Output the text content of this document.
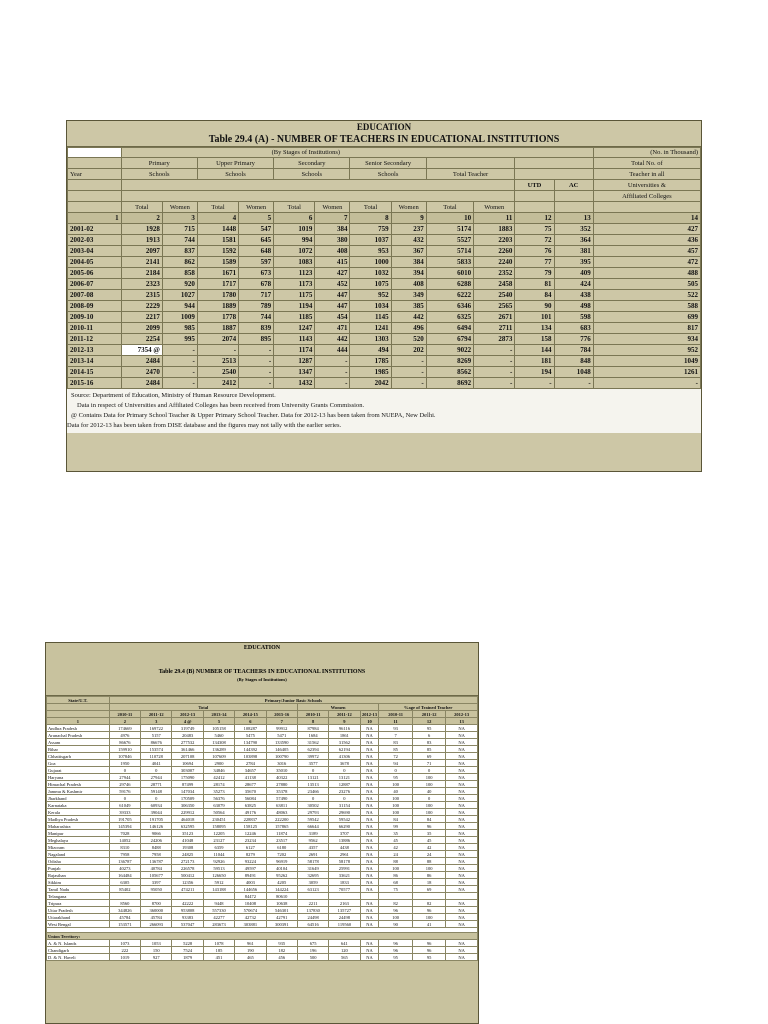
EDUCATION
Table 29.4 (A) - NUMBER OF TEACHERS IN EDUCATIONAL INSTITUTIONS
	(By Stages of Institutions)												(No. in Thousand)
	Primary		Upper Primary		Secondary		Senior Secondary						Total No. of
Year	Schools		Schools		Schools		Schools		Total Teacher				Teacher in all
											UTD	AC	Universities &
													Affiliated Colleges
	Total	Women	Total	Women	Total	Women	Total	Women	Total	Women			
1	2	3	4	5	6	7	8	9	10	11	12	13	14
2001-02	1928	715	1448	547	1019	384	759	237	5174	1883	75	352	427
2002-03	1913	744	1581	645	994	380	1037	432	5527	2203	72	364	436
2003-04	2097	837	1592	648	1072	408	953	367	5714	2260	76	381	457
2004-05	2141	862	1589	597	1083	415	1000	384	5833	2240	77	395	472
2005-06	2184	858	1671	673	1123	427	1032	394	6010	2352	79	409	488
2006-07	2323	920	1717	678	1173	452	1075	408	6288	2458	81	424	505
2007-08	2315	1027	1780	717	1175	447	952	349	6222	2540	84	438	522
2008-09	2229	944	1889	789	1194	447	1034	385	6346	2565	90	498	588
2009-10	2217	1009	1778	744	1185	454	1145	442	6325	2671	101	598	699
2010-11	2099	985	1887	839	1247	471	1241	496	6494	2711	134	683	817
2011-12	2254	995	2074	895	1143	442	1303	520	6794	2873	158	776	934
2012-13	7354 @	-	-	-	1174	444	494	202	9022	-	144	784	952
2013-14	2484	-	2513	-	1287	-	1785	-	8269	-	181	848	1049
2014-15	2470	-	2540	-	1347	-	1985	-	8562	-	194	1048	1261
2015-16	2484	-	2412	-	1432	-	2042	-	8692	-	-	-	-
Source: Department of Education, Ministry of Human Resource Development.
Data in respect of Universities and Affiliated Colleges has been received from University Grants Commission.
@ Contains Data for Primary School Teacher & Upper Primary School Teacher. Data for 2012-13 has been taken from NUEPA, New Delhi.
Data for 2012-13 has been taken from DISE database and the figures may not tally with the earlier series.
EDUCATION
Table 29.4 (B) NUMBER OF TEACHERS IN EDUCATIONAL INSTITUTIONS
(By Stages of Institutions)
State/U.T.	Primary/Junior Basic Schools											
	Total						Women			%age of Trained Teacher		
	2010-11	2011-12	2012-13	2013-14	2014-15	2015-16	2010-11	2011-12	2012-13	2010-11	2011-12	2012-13
1	2	3	4 @	5	6	7	8	9	10	11	12	13
Andhra Pradesh	174669	169722	319749	105158	108287	99912	87984	96116	NA	93	95	NA
Arunachal Pradesh	4976	5157	20483	5460	5475	5471	1684	1861	NA	7	6	NA
Assam	86676	86676	277532	134308	134790	133590	31562	31562	NA	83	83	NA
Bihar	159910	153574	361466	136289	144392	146405	62394	62194	NA	85	85	NA
Chhattisgarh	107846	110728	207108	107609	103898	100790	39972	41306	NA	72	69	NA
Goa	1950	4041	10694	2900	2784	3016	3577	3678	NA	94	71	NA
Gujarat	0	0	303007	34846	34657	35010	0	0	NA	0	0	NA
Haryana	27944	27944	175090	42412	41138	40322	13121	13121	NA	95	100	NA
Himachal Pradesh	29746	28771	87499	28174	28677	27880	13513	12887	NA	100	100	NA
Jammu & Kashmir	59176	59148	147034	35273	35670	35378	23466	23276	NA	40	40	NA
Jharkhand	0	0	170509	56376	56084	57490	0	0	NA	100	0	NA
Karnataka	61049	60934	306350	63079	63825	63811	30502	31154	NA	100	100	NA
Kerala	39333	39044	229912	50564	49176	48063	29793	29690	NA	100	100	NA
Madhya Pradesh	191705	191705	464018	230451	228837	222200	59542	59542	NA	84	84	NA
Maharashtra	145394	146126	632595	158095	158125	157865	66644	66290	NA	99	96	NA
Manipur	7028	9066	35123	12205	12246	11874	3189	3707	NA	35	35	NA
Meghalaya	14052	24206	41048	23127	23234	23517	9562	13886	NA	45	45	NA
Mizoram	8310	8488	19308	6359	6127	6180	4357	4438	NA	42	42	NA
Nagaland	7958	7958	24825	11044	8279	7202	2691	2961	NA	24	24	NA
Odisha	136787	136787	272173	92926	93224	96919	58178	58178	NA	88	88	NA
Punjab	40273	40784	226578	59513	49597	40104	31649	25991	NA	100	100	NA
Rajasthan	164484	105677	500412	126650	89491	95262	32695	33621	NA	86	86	NA
Sikkim	6305	3397	12356	5912	4003	4205	3059	1833	NA	68	18	NA
Tamil Nadu	85402	95050	474211	143188	144656	144224	63123	70577	NA	75	69	NA
Telangana					84472	80610						
Tripura	8560	8700	42222	9448	10408	10638	2211	2163	NA	82	82	NA
Uttar Pradesh	344826	360000	953808	557330	570674	546301	137830	135727	NA	96	96	NA
Uttarakhand	45784	45784	93383	42277	42732	42791	24498	24498	NA	100	100	NA
West Bengal	153571	266093	537047	283673	303881	300391	64516	119560	NA	90	41	NA

Union Territory:												
A. & N. Islands	1073	1053	5228	1078	961	935	675	641	NA	96	96	NA
Chandigarh	222	150	7524	185	190	182	196	120	NA	96	96	NA
D. & N. Haveli	1019	927	1879	451	465	456	500	565	NA	95	95	NA
